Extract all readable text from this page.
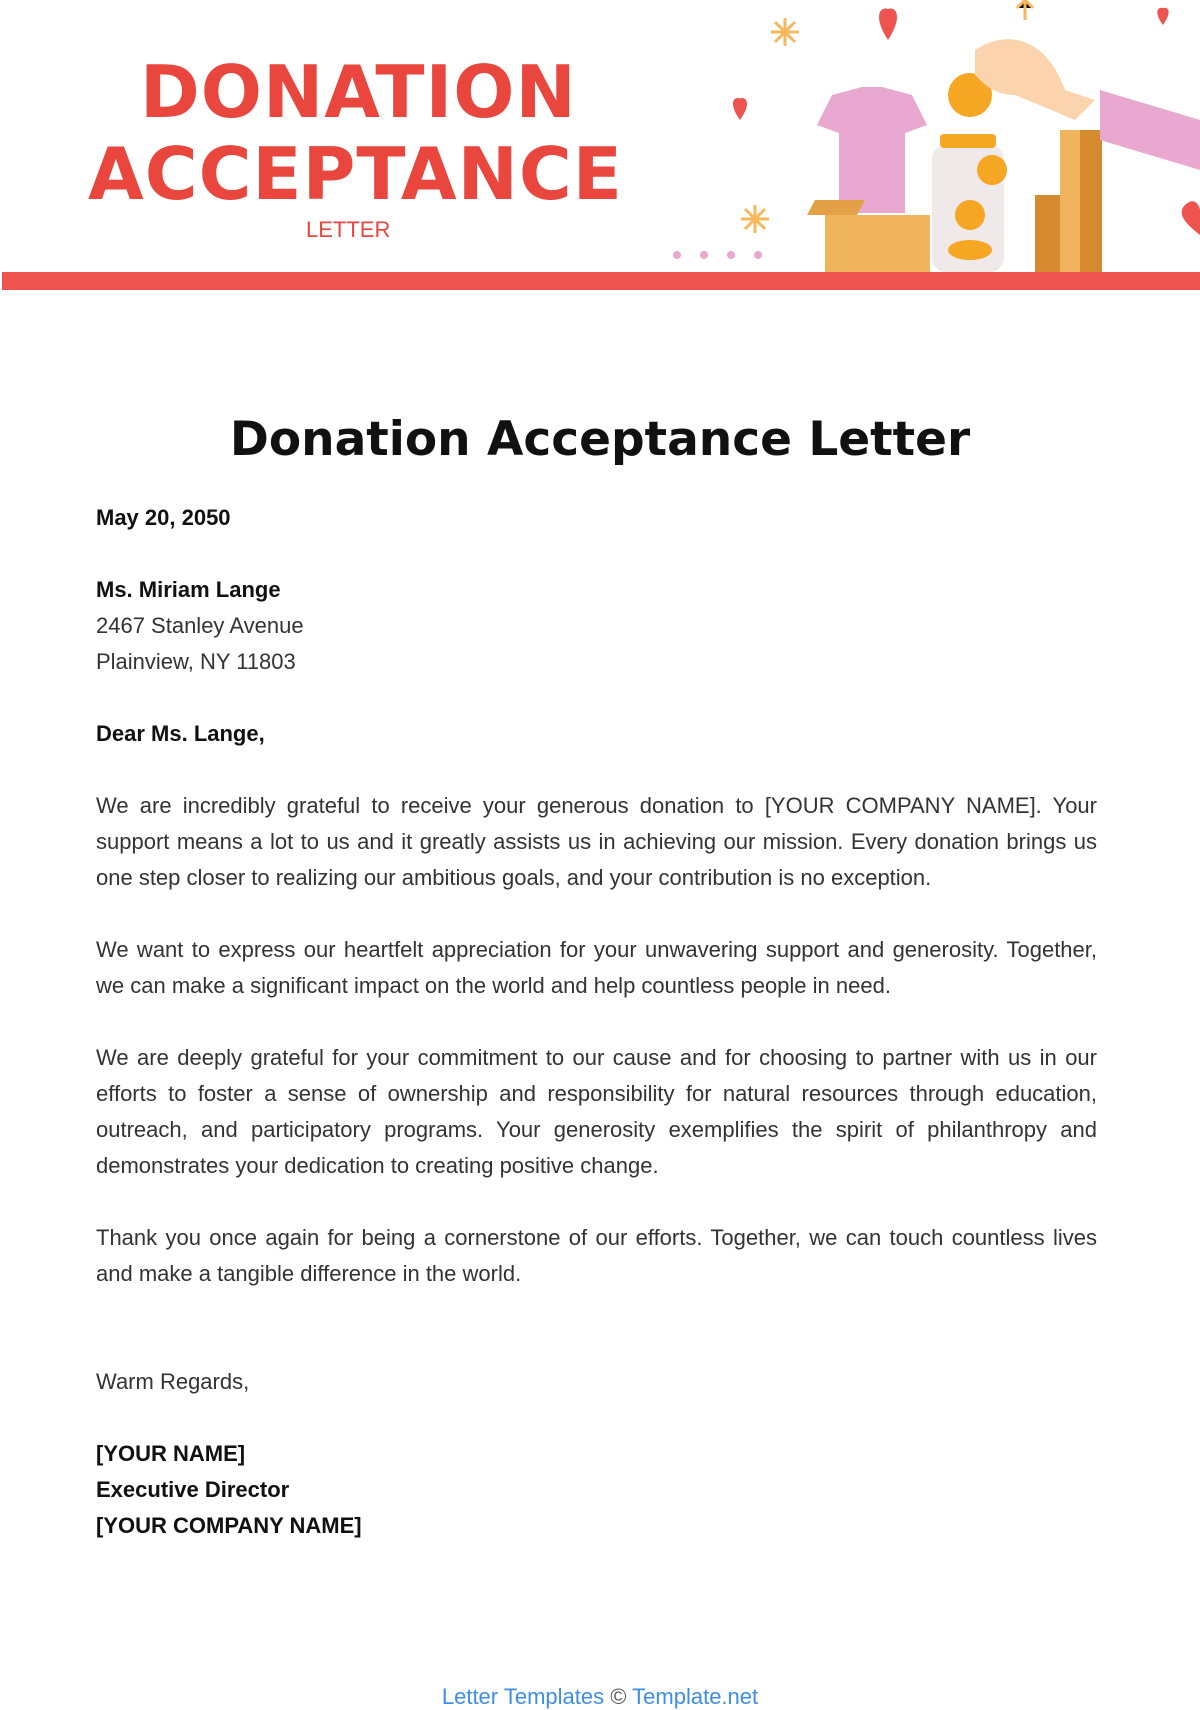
DONATION
ACCEPTANCE
LETTER
Donation Acceptance Letter

May 20, 2050

Ms. Miriam Lange
2467 Stanley Avenue
Plainview, NY 11803

Dear Ms. Lange,

We are incredibly grateful to receive your generous donation to [YOUR COMPANY NAME]. Your support means a lot to us and it greatly assists us in achieving our mission. Every donation brings us one step closer to realizing our ambitious goals, and your contribution is no exception.

We want to express our heartfelt appreciation for your unwavering support and generosity. Together, we can make a significant impact on the world and help countless people in need.

We are deeply grateful for your commitment to our cause and for choosing to partner with us in our efforts to foster a sense of ownership and responsibility for natural resources through education, outreach, and participatory programs. Your generosity exemplifies the spirit of philanthropy and demonstrates your dedication to creating positive change.

Thank you once again for being a cornerstone of our efforts. Together, we can touch countless lives and make a tangible difference in the world.

Warm Regards,

[YOUR NAME]
Executive Director
[YOUR COMPANY NAME]

Letter Templates © Template.net
